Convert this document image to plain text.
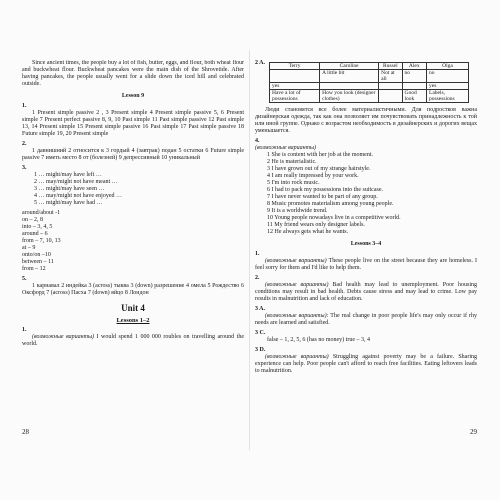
Since ancient times, the people buy a lot of fish, butter, eggs, and flour, both wheat flour and buckwheat flour. Buckwheat pancakes were the main dish of the Shrovetide. After having pancakes, the people usually went for a slide down the iced hill and celebrated outside.

Lesson 9

1.

1 Present simple passive 2 , 3 Present simple 4 Present simple passive 5, 6 Present simple 7 Present perfect passive 8, 9, 10 Past simple 11 Past simple passive 12 Past simple 13, 14 Present simple 15 Present simple passive 16 Past simple 17 Past simple passive 18 Future simple 19, 20 Present simple

2.

1 давнишний 2 относится к 3 гордый 4 (завтрак) подан 5 остатки 6 Future simple passive 7 иметь место 8 от (болезней) 9 депрессивный 10 уникальный

3.

1 … might/may have left …

2 … may/might not have meant …

3 … might/may have seen …

4 … may/might not have enjoyed …

5 … might/may have had …

around/about -1

on – 2, 8

into – 3, 4, 5

around – 6

from – 7, 10, 13

at – 9

onto/on –10

between – 11

from – 12

5.

1 карнавал 2 индейка 3 (across) тыква 3 (down) разрешение 4 омела 5 Рождество 6 Оксфорд 7 (across) Пасха 7 (down) яйцо 8 Лондон

Unit 4

Lessons 1–2

1.

(возможные варианты) I would spend 1 000 000 roubles on travelling around the world.

28
2 A.	Terry	Caroline	Russel	Alex	Olga
	A little bit	Not at all	no	no
yes				yes
Have a lot of possessions	How you look (designer clothes)		Good look	Labels, possessions

Люди становятся все более материалистичными. Для подростков важна дизайнерская одежда, так как она позволяет им почувствовать принадлежность к той или иной группе. Однако с возрастом необходимость в дизайнерских и дорогих вещах уменьшается.

4.

(возможные варианты)

1 She is content with her job at the moment.

2 He is materialistic.

3 I have grown out of my strange hairstyle.

4 I am really impressed by your work.

5 I'm into rock music.

6 I had to pack my possessions into the suitcase.

7 I have never wanted to be part of any group.

8 Music promotes materialism among young people.

9 It is a worldwide trend.

10 Young people nowadays live in a competitive world.

11 My friend wears only designer labels.

12 He always gets what he wants.

Lessons 3–4

1.

(возможные варианты) These people live on the street because they are homeless. I feel sorry for them and I'd like to help them.

2.

(возможные варианты) Bad health may lead to unemployment. Poor housing conditions may result in bad health. Debts cause stress and may lead to crime. Low pay results in malnutrition and lack of education.

3 A.

(возможные варианты): The real change in poor people life's may only occur if rhy needs are learned and satisfied.

3 C.

false – 1, 2, 5, 6 (has no money) true – 3, 4

3 D.

(возможные варианты) Struggling against poverty may be a failure. Sharing experience can help. Poor people can't afford to reach free facilities. Eating leftovers leads to malnutrition.

29
